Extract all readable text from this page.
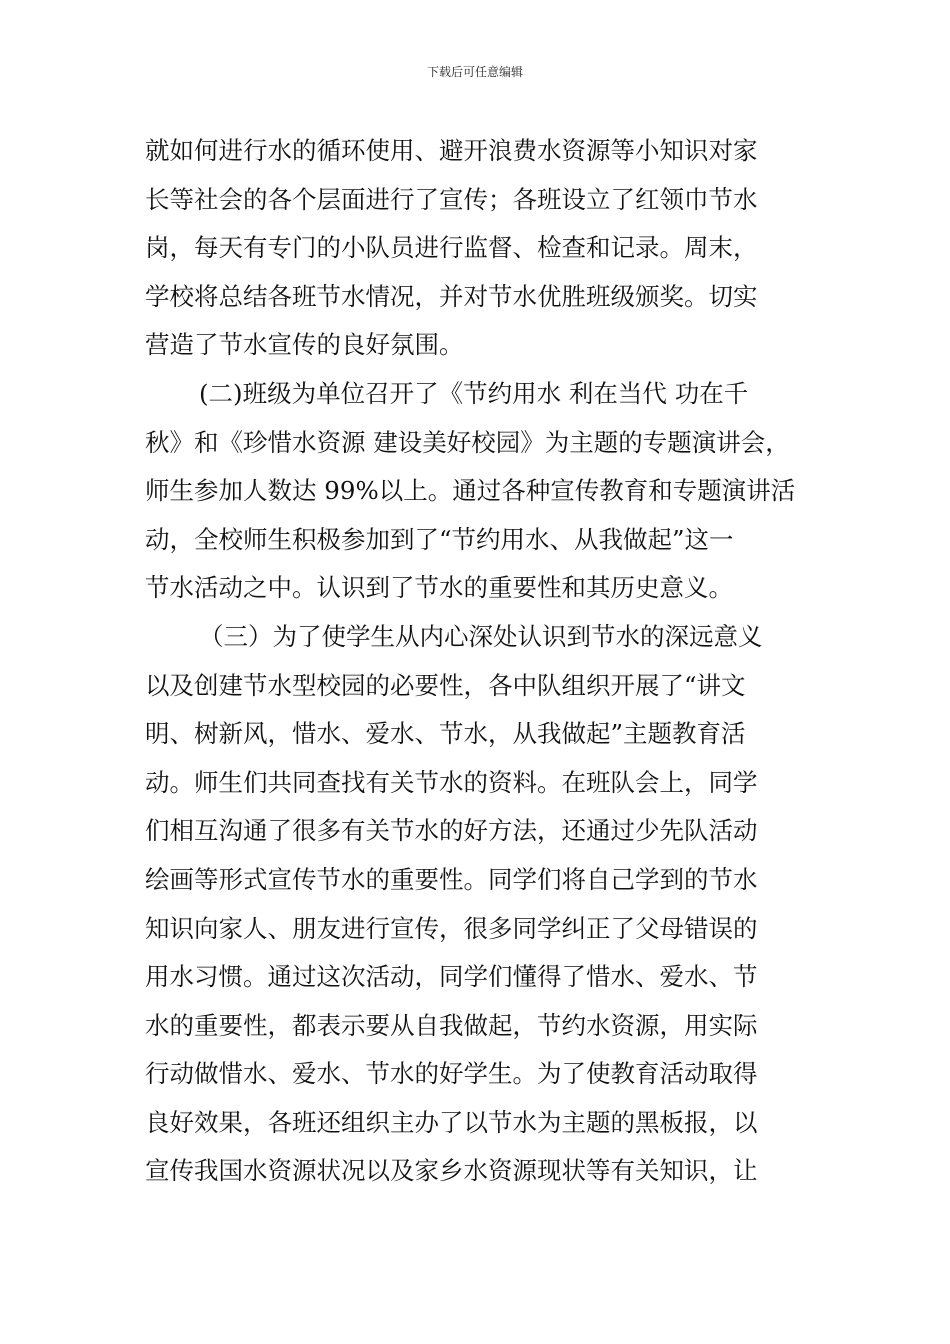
下载后可任意编辑
就如何进行水的循环使用、避开浪费水资源等小知识对家
长等社会的各个层面进行了宣传；各班设立了红领巾节水
岗，每天有专门的小队员进行监督、检查和记录。周末，
学校将总结各班节水情况，并对节水优胜班级颁奖。切实
营造了节水宣传的良好氛围。
(二)班级为单位召开了《节约用水 利在当代 功在千
秋》和《珍惜水资源 建设美好校园》为主题的专题演讲会，
师生参加人数达 99%以上。通过各种宣传教育和专题演讲活
动，全校师生积极参加到了“节约用水、从我做起”这一
节水活动之中。认识到了节水的重要性和其历史意义。
（三）为了使学生从内心深处认识到节水的深远意义
以及创建节水型校园的必要性，各中队组织开展了“讲文
明、树新风，惜水、爱水、节水，从我做起”主题教育活
动。师生们共同查找有关节水的资料。在班队会上，同学
们相互沟通了很多有关节水的好方法，还通过少先队活动
绘画等形式宣传节水的重要性。同学们将自己学到的节水
知识向家人、朋友进行宣传，很多同学纠正了父母错误的
用水习惯。通过这次活动，同学们懂得了惜水、爱水、节
水的重要性，都表示要从自我做起，节约水资源，用实际
行动做惜水、爱水、节水的好学生。为了使教育活动取得
良好效果，各班还组织主办了以节水为主题的黑板报，以
宣传我国水资源状况以及家乡水资源现状等有关知识，让
